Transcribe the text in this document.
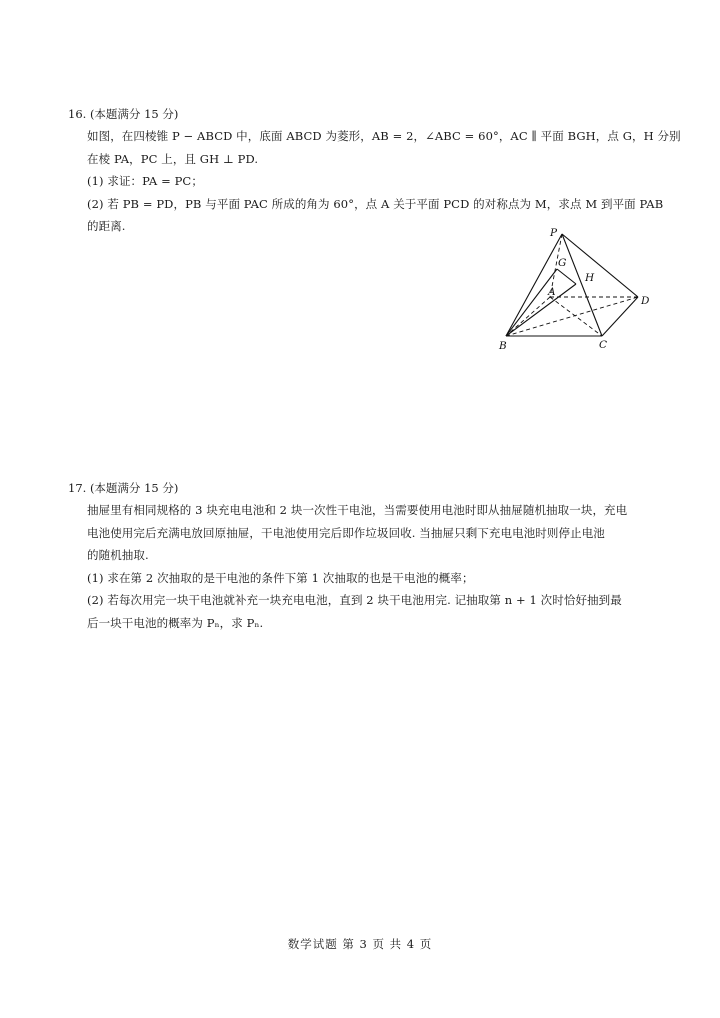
16. (本题满分 15 分)
如图，在四棱锥 P − ABCD 中，底面 ABCD 为菱形，AB = 2，∠ABC = 60°，AC ∥ 平面 BGH，点 G，H 分别
在棱 PA，PC 上，且 GH ⊥ PD.
(1) 求证：PA = PC；
(2) 若 PB = PD，PB 与平面 PAC 所成的角为 60°，点 A 关于平面 PCD 的对称点为 M，求点 M 到平面 PAB
的距离.	P
G
H
A
B	C
D
17. (本题满分 15 分)
抽屉里有相同规格的 3 块充电电池和 2 块一次性干电池，当需要使用电池时即从抽屉随机抽取一块，充电
电池使用完后充满电放回原抽屉，干电池使用完后即作垃圾回收. 当抽屉只剩下充电电池时则停止电池
的随机抽取.
(1) 求在第 2 次抽取的是干电池的条件下第 1 次抽取的也是干电池的概率；
(2) 若每次用完一块干电池就补充一块充电电池，直到 2 块干电池用完. 记抽取第 n + 1 次时恰好抽到最
后一块干电池的概率为 Pₙ，求 Pₙ.
数学试题 第 3 页 共 4 页
